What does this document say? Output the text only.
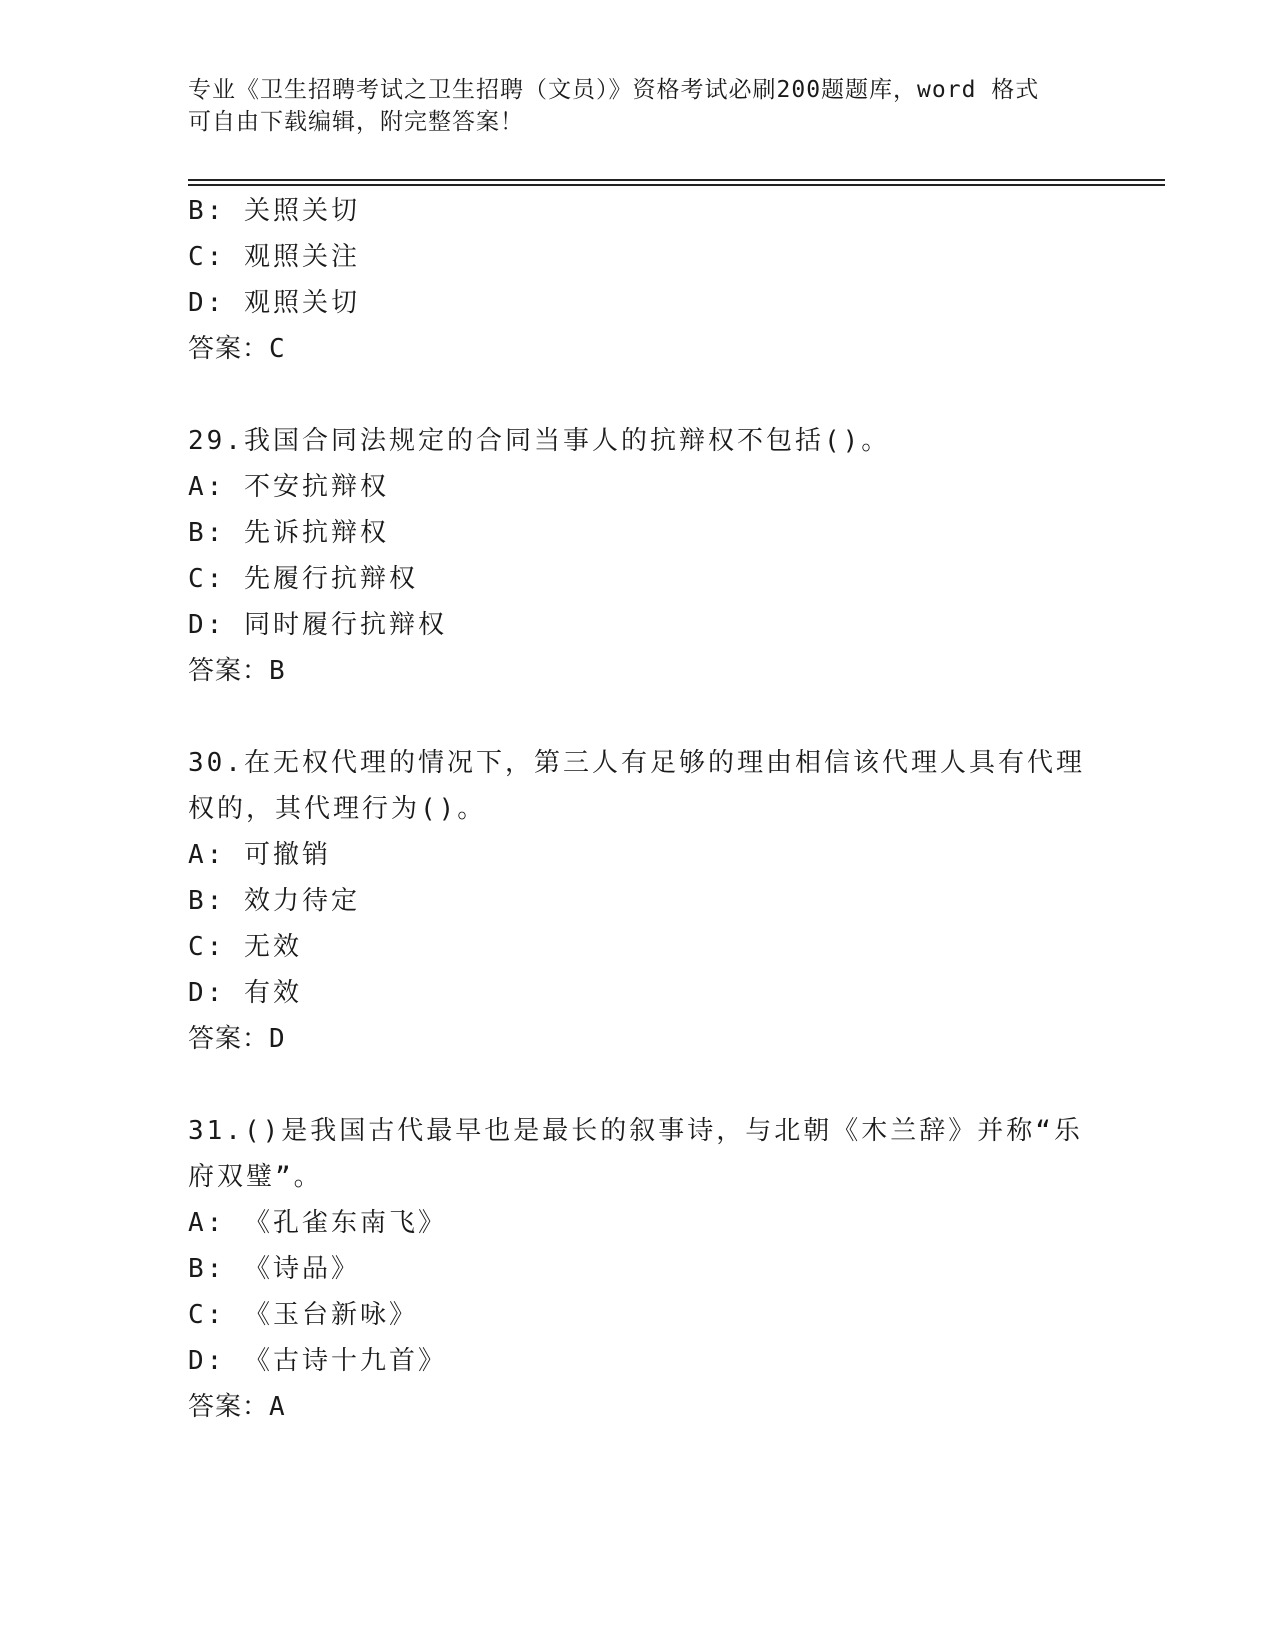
专业《卫生招聘考试之卫生招聘（文员）》资格考试必刷200题题库，word 格式
可自由下载编辑，附完整答案！
B: 关照关切
C: 观照关注
D: 观照关切
答案：C
29.我国合同法规定的合同当事人的抗辩权不包括()。
A: 不安抗辩权
B: 先诉抗辩权
C: 先履行抗辩权
D: 同时履行抗辩权
答案：B
30.在无权代理的情况下，第三人有足够的理由相信该代理人具有代理
权的，其代理行为()。
A: 可撤销
B: 效力待定
C: 无效
D: 有效
答案：D
31.()是我国古代最早也是最长的叙事诗，与北朝《木兰辞》并称“乐
府双璧”。
A: 《孔雀东南飞》
B: 《诗品》
C: 《玉台新咏》
D: 《古诗十九首》
答案：A
